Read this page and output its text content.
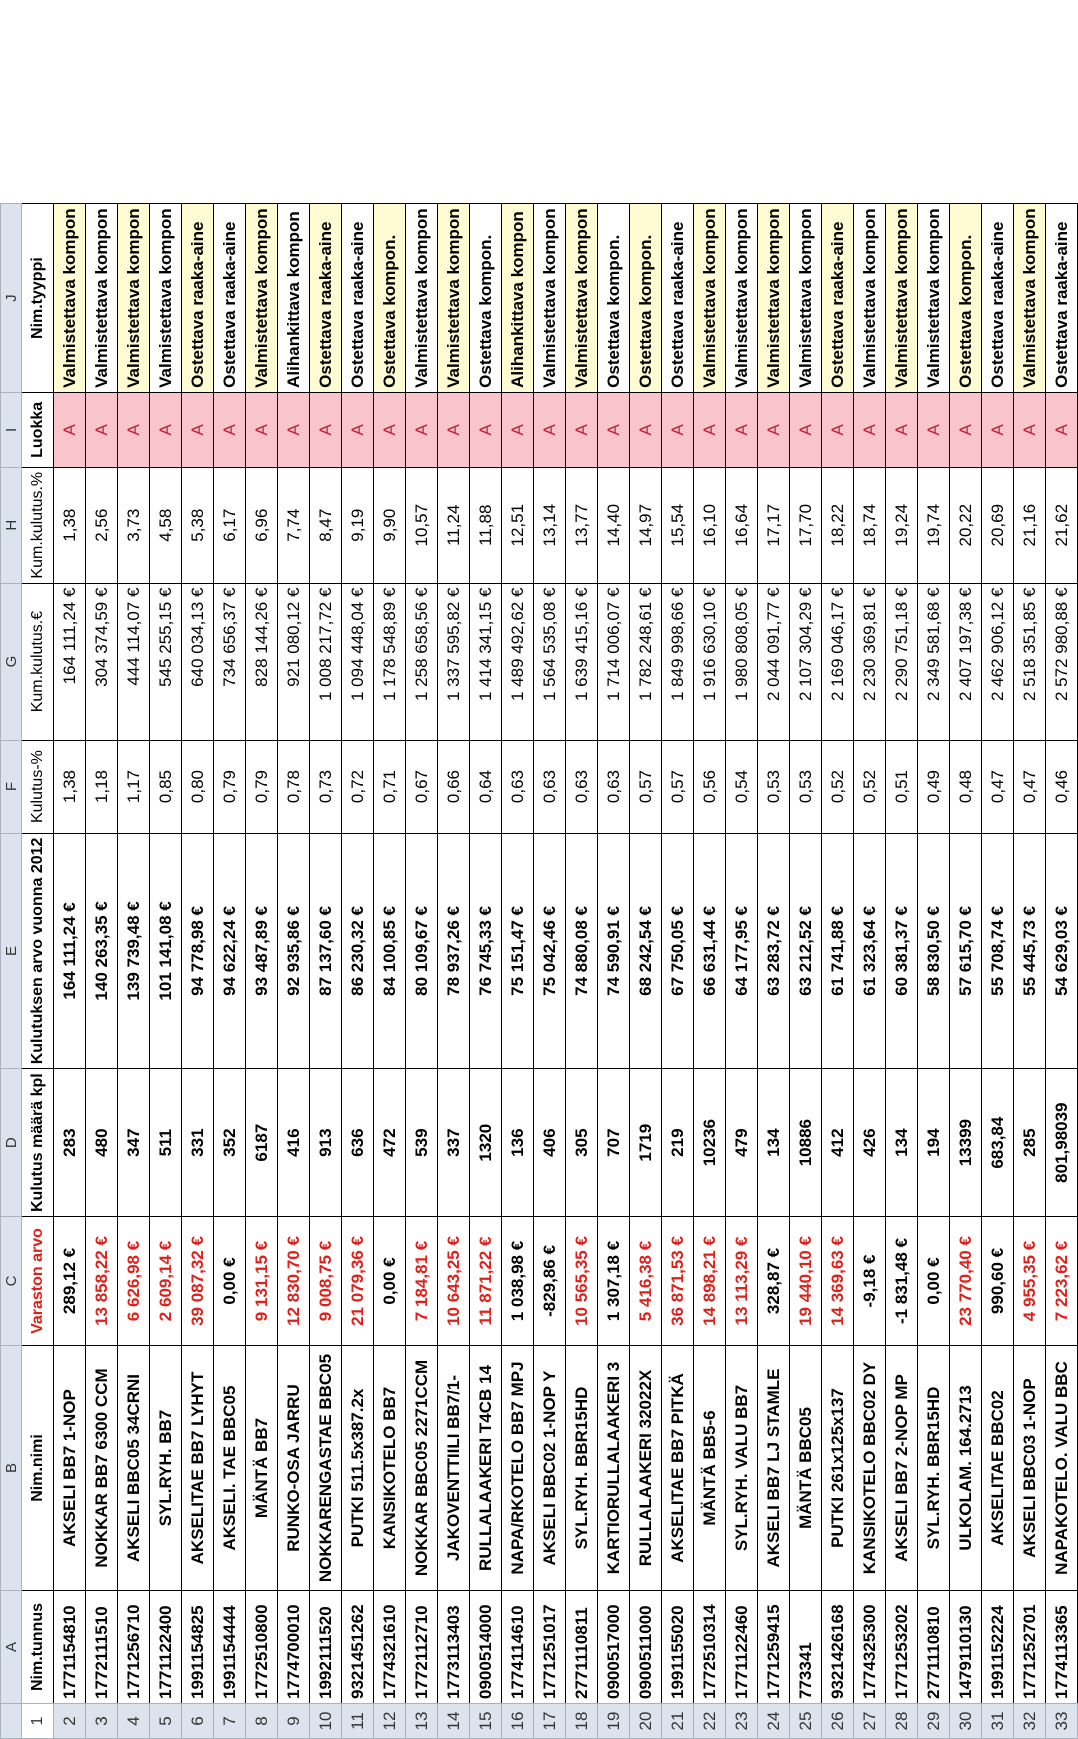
	A	B	C	D	E	F	G	H	I	J
1	Nim.tunnus	Nim.nimi	Varaston arvo	Kulutus määrä kpl	Kulutuksen arvo vuonna 2012	Kulutus-%	Kum.kulutus.€	Kum.kulutus.%	Luokka	Nim.tyyppi
2	1771154810	AKSELI BB7 1-NOP	289,12 €	283	164 111,24 €	1,38	164 111,24 €	1,38	A	Valmistettava kompon
3	1772111510	NOKKAR BB7 6300 CCM	13 858,22 €	480	140 263,35 €	1,18	304 374,59 €	2,56	A	Valmistettava kompon
4	1771256710	AKSELI BBC05 34CRNI	6 626,98 €	347	139 739,48 €	1,17	444 114,07 €	3,73	A	Valmistettava kompon
5	1771122400	SYL.RYH. BB7	2 609,14 €	511	101 141,08 €	0,85	545 255,15 €	4,58	A	Valmistettava kompon
6	1991154825	AKSELITAE BB7 LYHYT	39 087,32 €	331	94 778,98 €	0,80	640 034,13 €	5,38	A	Ostettava raaka-aine
7	1991154444	AKSELI. TAE BBC05	0,00 €	352	94 622,24 €	0,79	734 656,37 €	6,17	A	Ostettava raaka-aine
8	1772510800	MÄNTÄ BB7	9 131,15 €	6187	93 487,89 €	0,79	828 144,26 €	6,96	A	Valmistettava kompon
9	1774700010	RUNKO-OSA JARRU	12 830,70 €	416	92 935,86 €	0,78	921 080,12 €	7,74	A	Alihankittava kompon
10	1992111520	NOKKARENGASTAE BBC05	9 008,75 €	913	87 137,60 €	0,73	1 008 217,72 €	8,47	A	Ostettava raaka-aine
11	9321451262	PUTKI 511.5x387.2x	21 079,36 €	636	86 230,32 €	0,72	1 094 448,04 €	9,19	A	Ostettava raaka-aine
12	1774321610	KANSIKOTELO BB7	0,00 €	472	84 100,85 €	0,71	1 178 548,89 €	9,90	A	Ostettava kompon.
13	1772112710	NOKKAR BBC05 2271CCM	7 184,81 €	539	80 109,67 €	0,67	1 258 658,56 €	10,57	A	Valmistettava kompon
14	1773113403	JAKOVENTTIILI BB7/1-	10 643,25 €	337	78 937,26 €	0,66	1 337 595,82 €	11,24	A	Valmistettava kompon
15	0900514000	RULLALAAKERI T4CB 14	11 871,22 €	1320	76 745,33 €	0,64	1 414 341,15 €	11,88	A	Ostettava kompon.
16	1774114610	NAPA/RKOTELO BB7 MPJ	1 038,98 €	136	75 151,47 €	0,63	1 489 492,62 €	12,51	A	Alihankittava kompon
17	1771251017	AKSELI BBC02 1-NOP Y	-829,86 €	406	75 042,46 €	0,63	1 564 535,08 €	13,14	A	Valmistettava kompon
18	2771110811	SYL.RYH. BBR15HD	10 565,35 €	305	74 880,08 €	0,63	1 639 415,16 €	13,77	A	Valmistettava kompon
19	0900517000	KARTIORULLALAAKERI 3	1 307,18 €	707	74 590,91 €	0,63	1 714 006,07 €	14,40	A	Ostettava kompon.
20	0900511000	RULLALAAKERI 32022X	5 416,38 €	1719	68 242,54 €	0,57	1 782 248,61 €	14,97	A	Ostettava kompon.
21	1991155020	AKSELITAE BB7 PITKÄ	36 871,53 €	219	67 750,05 €	0,57	1 849 998,66 €	15,54	A	Ostettava raaka-aine
22	1772510314	MÄNTÄ BB5-6	14 898,21 €	10236	66 631,44 €	0,56	1 916 630,10 €	16,10	A	Valmistettava kompon
23	1771122460	SYL.RYH. VALU BB7	13 113,29 €	479	64 177,95 €	0,54	1 980 808,05 €	16,64	A	Valmistettava kompon
24	1771259415	AKSELI BB7 LJ STAMLE	328,87 €	134	63 283,72 €	0,53	2 044 091,77 €	17,17	A	Valmistettava kompon
25	773341	MÄNTÄ BBC05	19 440,10 €	10886	63 212,52 €	0,53	2 107 304,29 €	17,70	A	Valmistettava kompon
26	9321426168	PUTKI 261x125x137	14 369,63 €	412	61 741,88 €	0,52	2 169 046,17 €	18,22	A	Ostettava raaka-aine
27	1774325300	KANSIKOTELO BBC02 DY	-9,18 €	426	61 323,64 €	0,52	2 230 369,81 €	18,74	A	Valmistettava kompon
28	1771253202	AKSELI BB7 2-NOP MP	-1 831,48 €	134	60 381,37 €	0,51	2 290 751,18 €	19,24	A	Valmistettava kompon
29	2771110810	SYL.RYH. BBR15HD	0,00 €	194	58 830,50 €	0,49	2 349 581,68 €	19,74	A	Valmistettava kompon
30	1479110130	ULKOLAM. 164.2713	23 770,40 €	13399	57 615,70 €	0,48	2 407 197,38 €	20,22	A	Ostettava kompon.
31	1991152224	AKSELITAE BBC02	990,60 €	683,84	55 708,74 €	0,47	2 462 906,12 €	20,69	A	Ostettava raaka-aine
32	1771252701	AKSELI BBC03 1-NOP	4 955,35 €	285	55 445,73 €	0,47	2 518 351,85 €	21,16	A	Valmistettava kompon
33	1774113365	NAPAKOTELO. VALU BBC	7 223,62 €	801,98039	54 629,03 €	0,46	2 572 980,88 €	21,62	A	Ostettava raaka-aine
